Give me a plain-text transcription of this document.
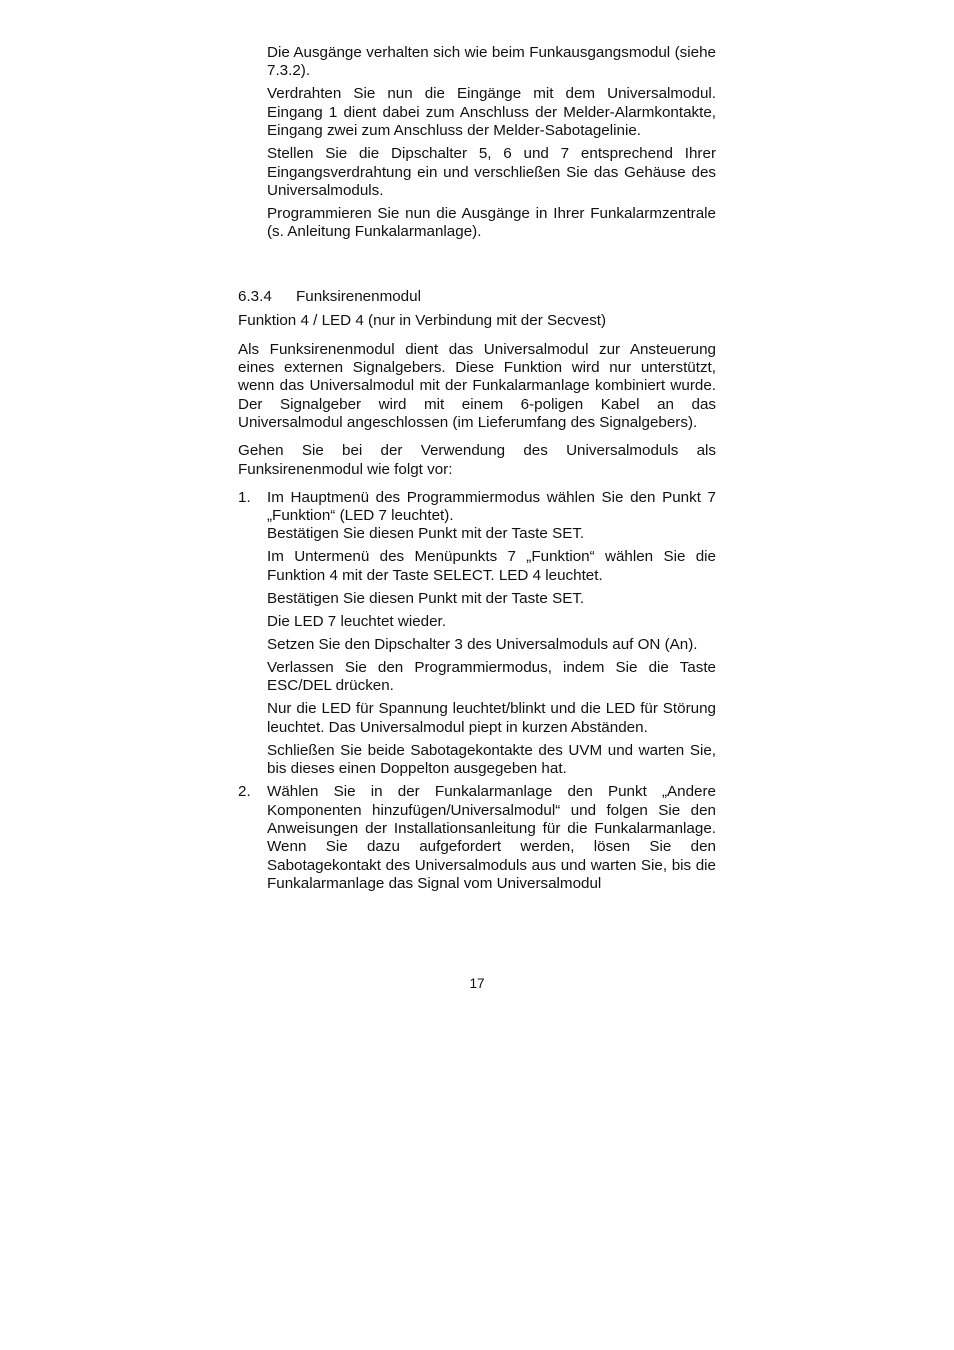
Die Ausgänge verhalten sich wie beim Funkausgangsmodul (siehe 7.3.2).

Verdrahten Sie nun die Eingänge mit dem Universalmodul. Eingang 1 dient dabei zum Anschluss der Melder-Alarmkontakte, Eingang zwei zum Anschluss der Melder-Sabotagelinie.

Stellen Sie die Dipschalter 5, 6 und 7 entsprechend Ihrer Eingangsverdrahtung ein und verschließen Sie das Gehäuse des Universalmoduls.

Programmieren Sie nun die Ausgänge in Ihrer Funkalarmzentrale (s. Anleitung Funkalarmanlage).

6.3.4 Funksirenenmodul

Funktion 4 / LED 4 (nur in Verbindung mit der Secvest)

Als Funksirenenmodul dient das Universalmodul zur Ansteuerung eines externen Signalgebers. Diese Funktion wird nur unterstützt, wenn das Universalmodul mit der Funkalarmanlage kombiniert wurde. Der Signalgeber wird mit einem 6-poligen Kabel an das Universalmodul angeschlossen (im Lieferumfang des Signalgebers).

Gehen Sie bei der Verwendung des Universalmoduls als Funksirenenmodul wie folgt vor:

1. Im Hauptmenü des Programmiermodus wählen Sie den Punkt 7 „Funktion“ (LED 7 leuchtet).

Bestätigen Sie diesen Punkt mit der Taste SET.

Im Untermenü des Menüpunkts 7 „Funktion“ wählen Sie die Funktion 4 mit der Taste SELECT. LED 4 leuchtet.

Bestätigen Sie diesen Punkt mit der Taste SET.

Die LED 7 leuchtet wieder.

Setzen Sie den Dipschalter 3 des Universalmoduls auf ON (An).

Verlassen Sie den Programmiermodus, indem Sie die Taste ESC/DEL drücken.

Nur die LED für Spannung leuchtet/blinkt und die LED für Störung leuchtet. Das Universalmodul piept in kurzen Abständen.

Schließen Sie beide Sabotagekontakte des UVM und warten Sie, bis dieses einen Doppelton ausgegeben hat.

2. Wählen Sie in der Funkalarmanlage den Punkt „Andere Komponenten hinzufügen/Universalmodul“ und folgen Sie den Anweisungen der Installationsanleitung für die Funkalarmanlage. Wenn Sie dazu aufgefordert werden, lösen Sie den Sabotagekontakt des Universalmoduls aus und warten Sie, bis die Funkalarmanlage das Signal vom Universalmodul
17
